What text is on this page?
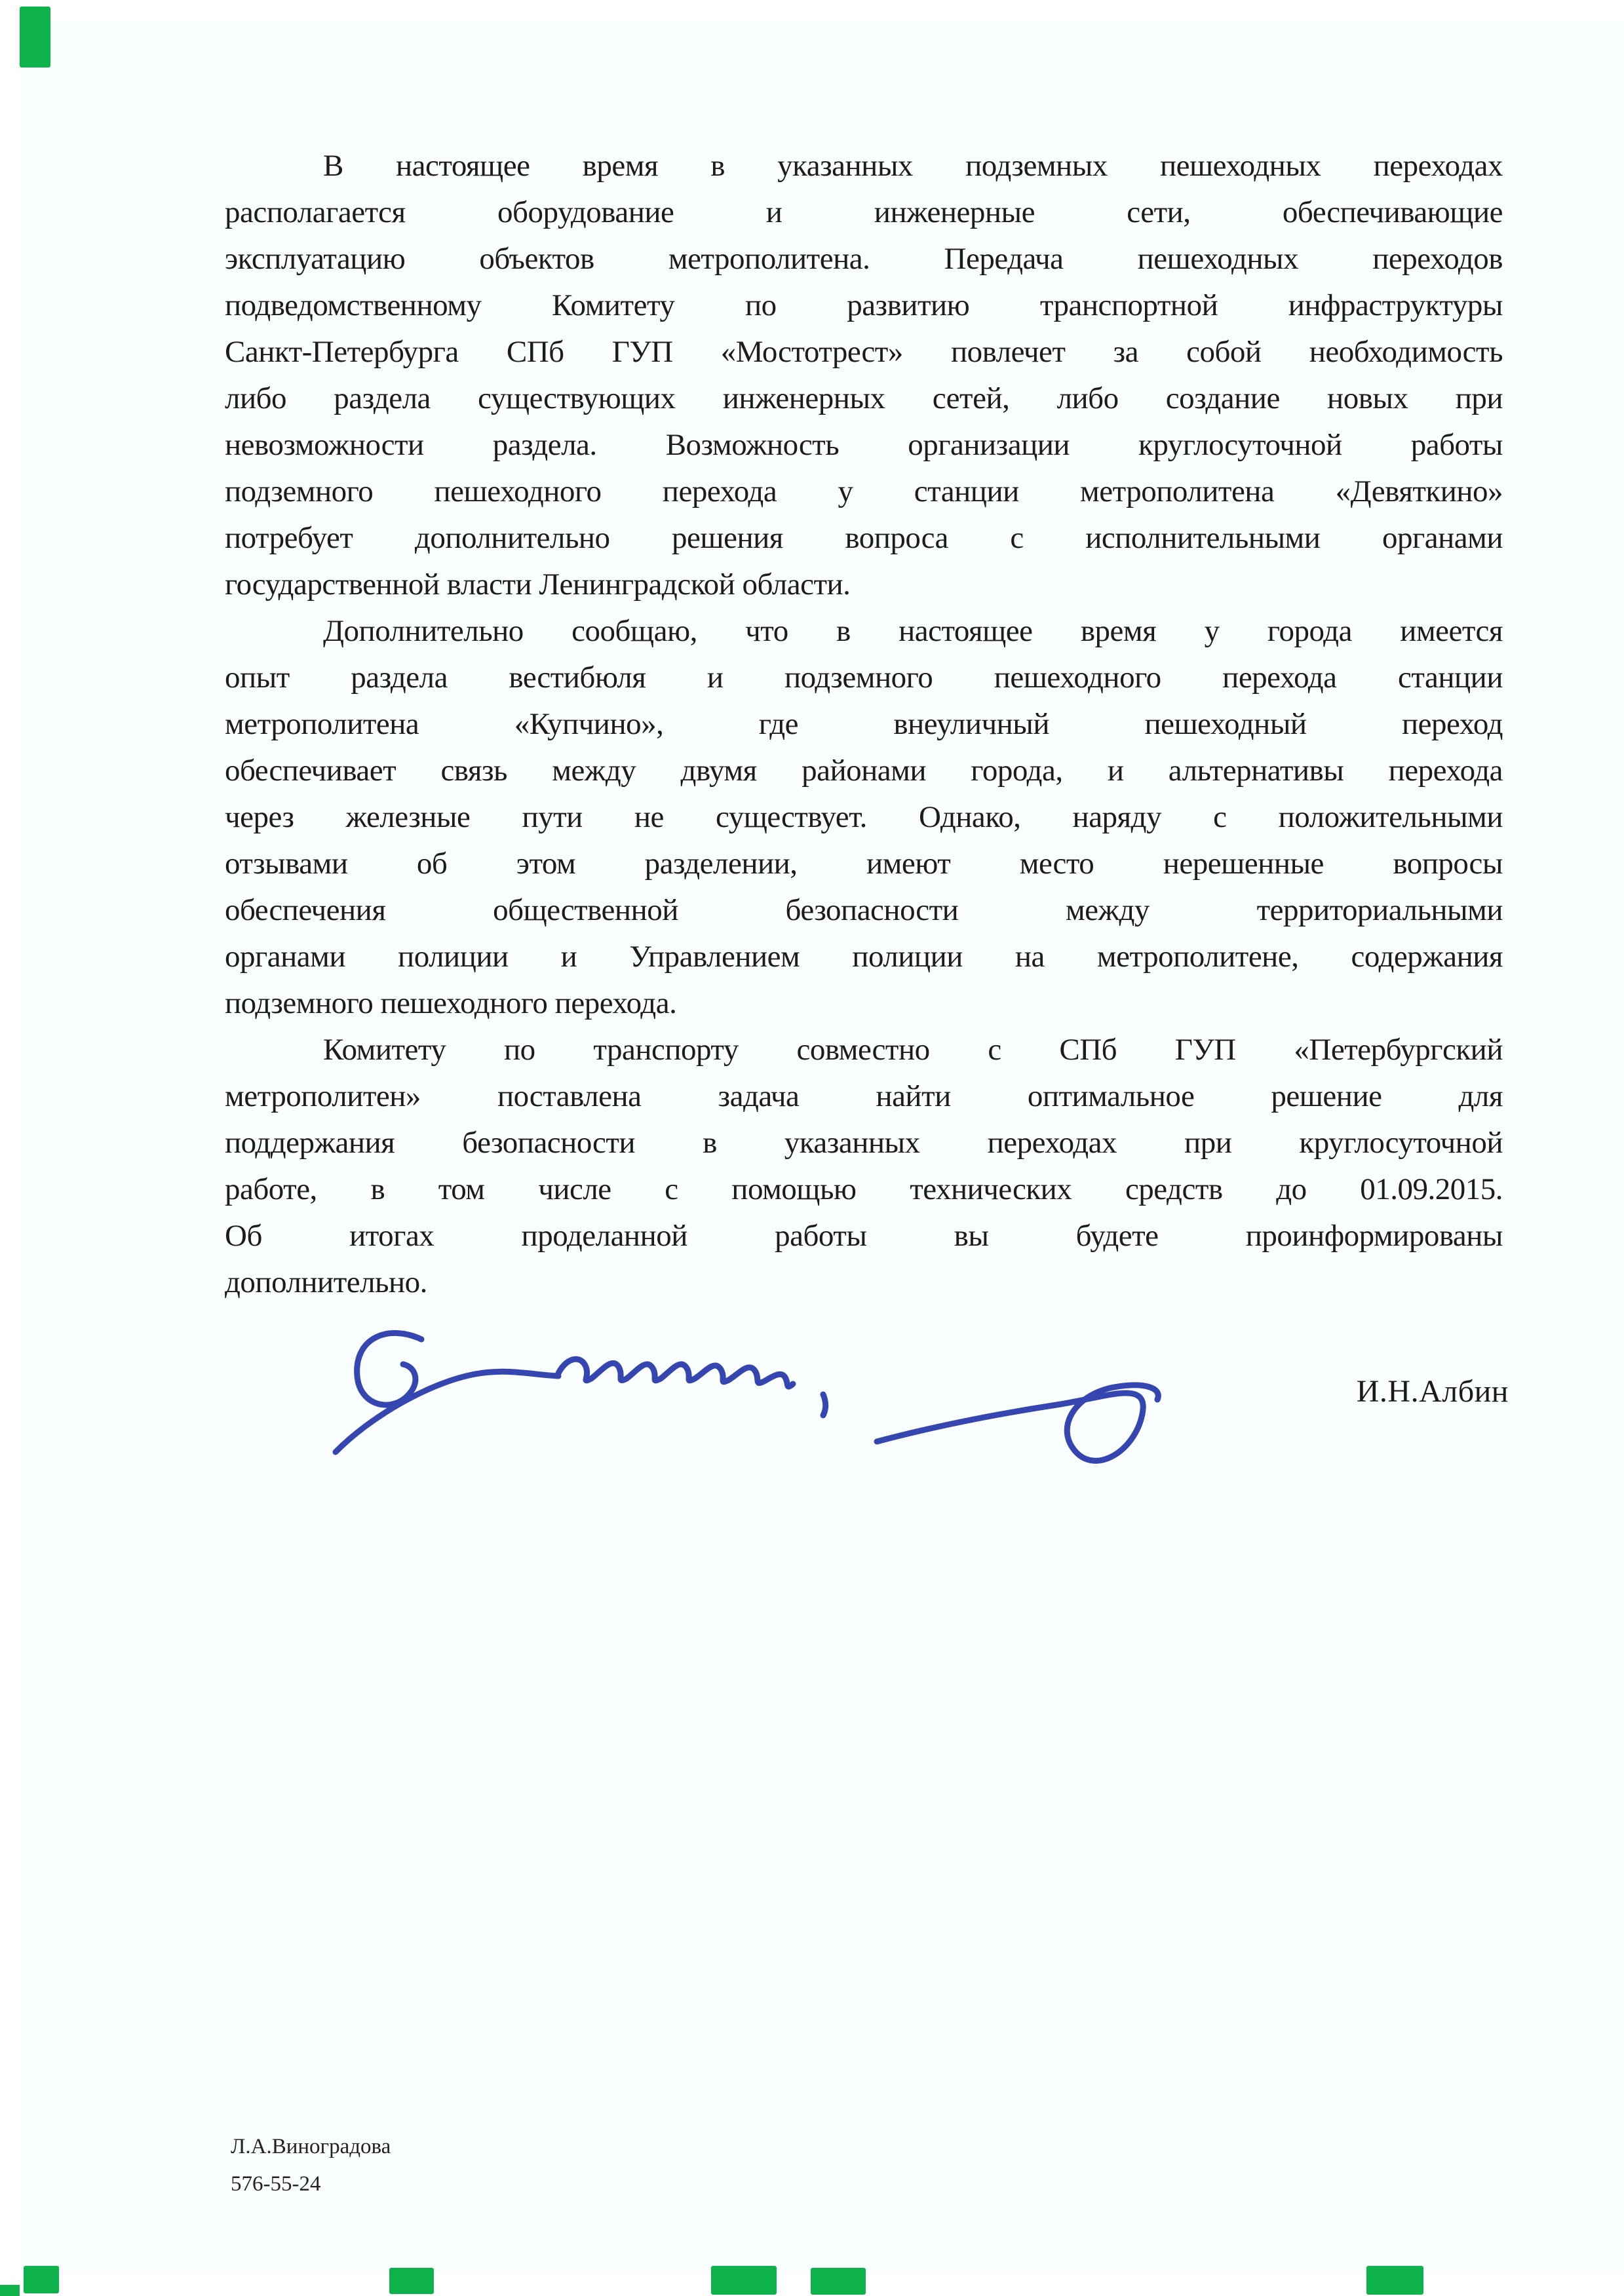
В настоящее время в указанных подземных пешеходных переходах
располагается оборудование и инженерные сети, обеспечивающие
эксплуатацию объектов метрополитена. Передача пешеходных переходов
подведомственному Комитету по развитию транспортной инфраструктуры
Санкт-Петербурга СПб ГУП «Мостотрест» повлечет за собой необходимость
либо раздела существующих инженерных сетей, либо создание новых при
невозможности раздела. Возможность организации круглосуточной работы
подземного пешеходного перехода у станции метрополитена «Девяткино»
потребует дополнительно решения вопроса с исполнительными органами
государственной власти Ленинградской области.
Дополнительно сообщаю, что в настоящее время у города имеется
опыт раздела вестибюля и подземного пешеходного перехода станции
метрополитена «Купчино», где внеуличный пешеходный переход
обеспечивает связь между двумя районами города, и альтернативы перехода
через железные пути не существует. Однако, наряду с положительными
отзывами об этом разделении, имеют место нерешенные вопросы
обеспечения общественной безопасности между территориальными
органами полиции и Управлением полиции на метрополитене, содержания
подземного пешеходного перехода.
Комитету по транспорту совместно с СПб ГУП «Петербургский
метрополитен» поставлена задача найти оптимальное решение для
поддержания безопасности в указанных переходах при круглосуточной
работе, в том числе с помощью технических средств до 01.09.2015.
Об итогах проделанной работы вы будете проинформированы
дополнительно.
И.Н.Албин
Л.А.Виноградова
576-55-24
